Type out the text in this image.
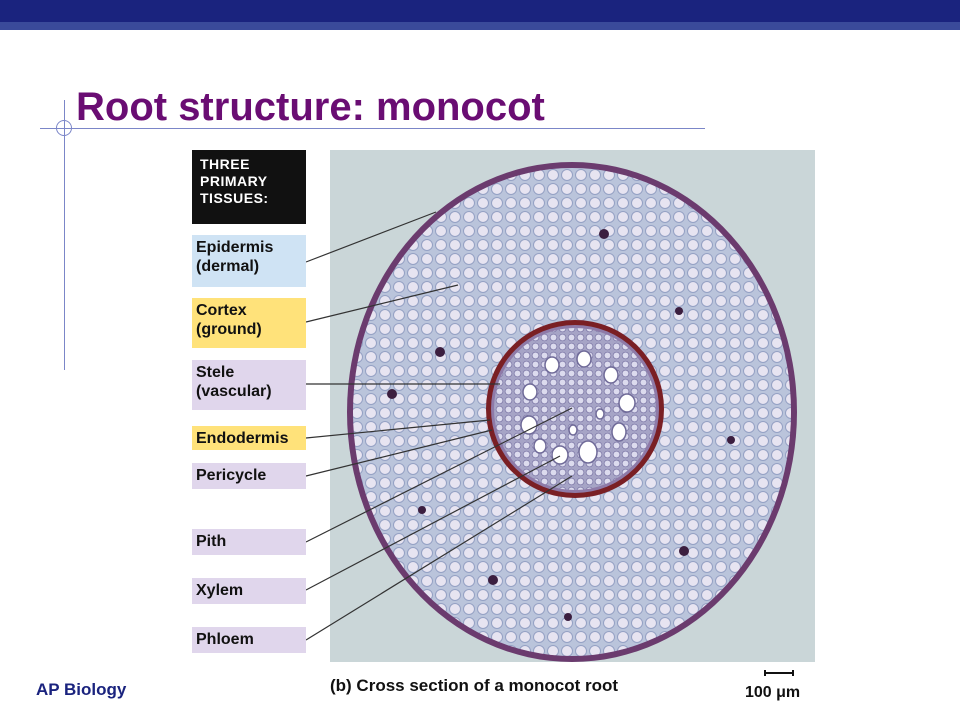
Root structure: monocot
THREE
PRIMARY
TISSUES:
Epidermis
(dermal)
Cortex
(ground)
Stele
(vascular)
Endodermis
Pericycle
Pith
Xylem
Phloem
(b) Cross section of a monocot root	100 μm
AP Biology
